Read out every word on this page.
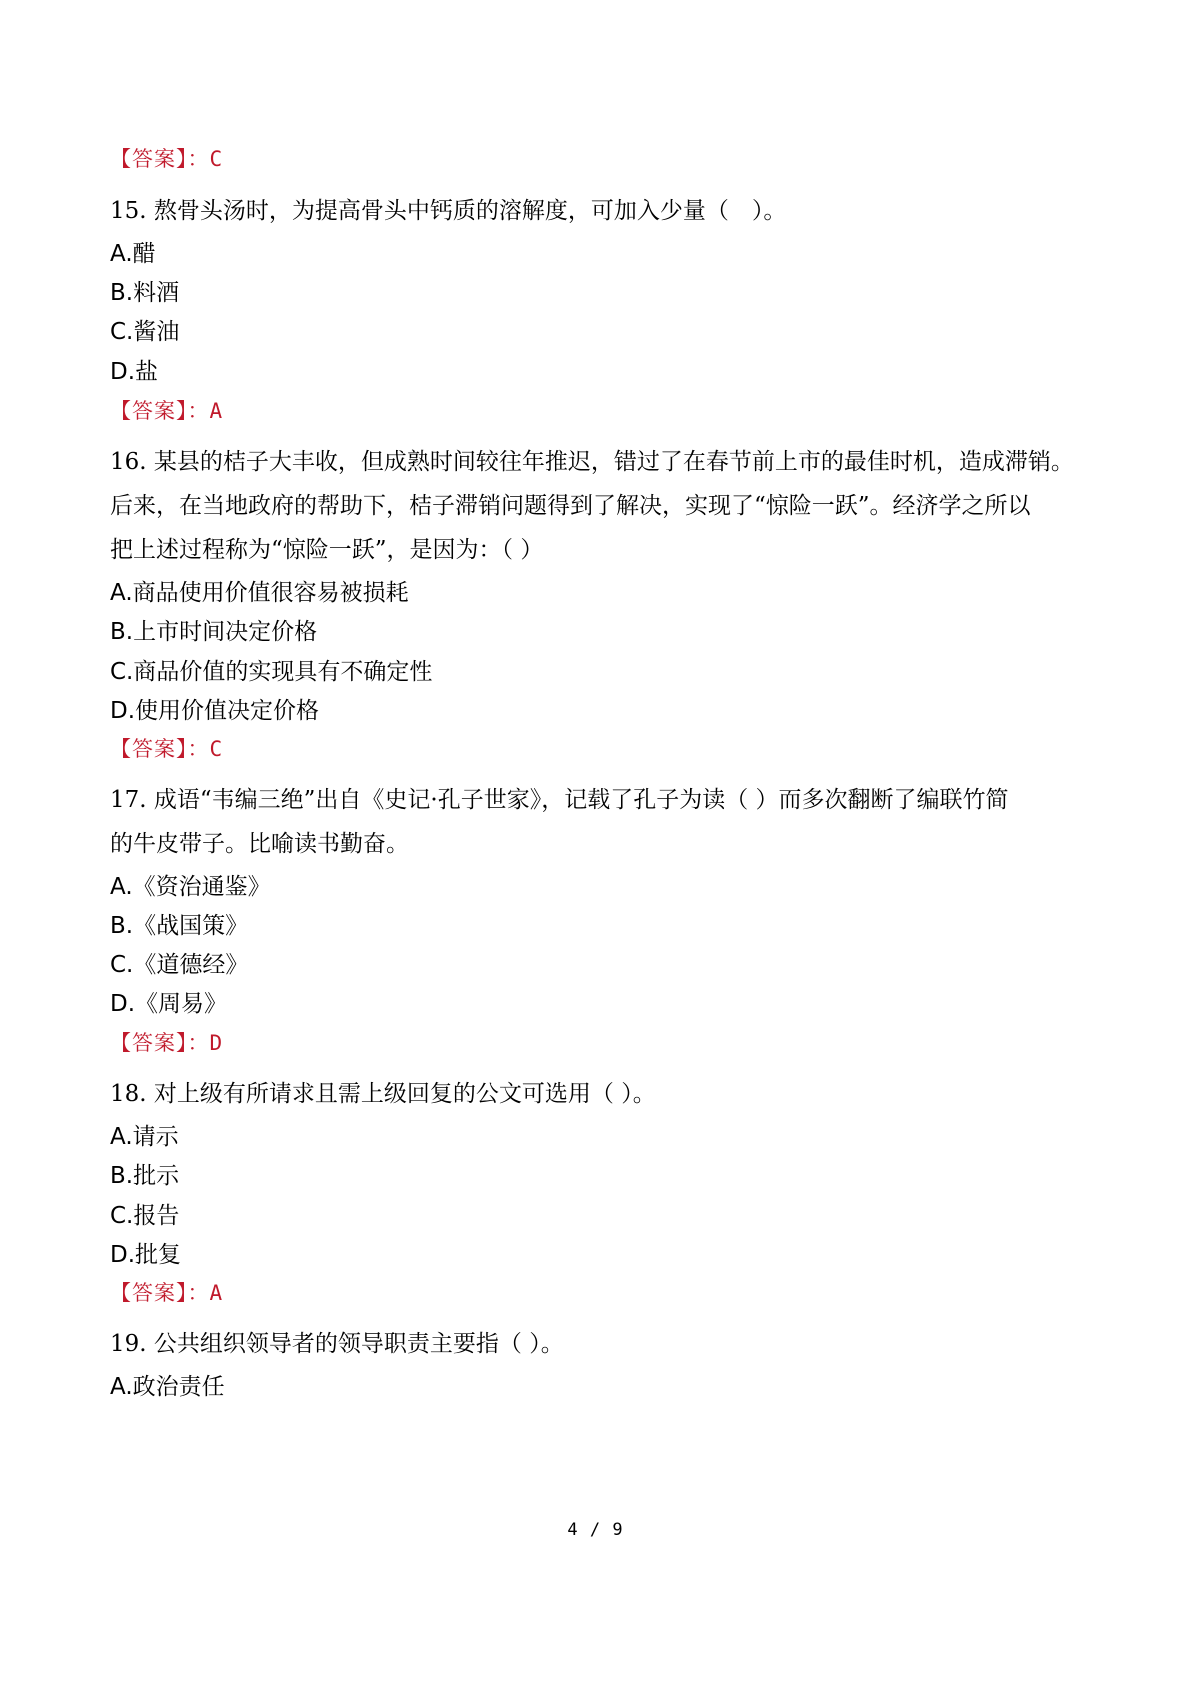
【答案】：C
15. 熬骨头汤时，为提高骨头中钙质的溶解度，可加入少量（　）。
A.醋
B.料酒
C.酱油
D.盐
【答案】：A
16. 某县的桔子大丰收，但成熟时间较往年推迟，错过了在春节前上市的最佳时机，造成滞销。
后来，在当地政府的帮助下，桔子滞销问题得到了解决，实现了“惊险一跃”。经济学之所以
把上述过程称为“惊险一跃”，是因为：（ ）
A.商品使用价值很容易被损耗
B.上市时间决定价格
C.商品价值的实现具有不确定性
D.使用价值决定价格
【答案】：C
17. 成语“韦编三绝”出自《史记·孔子世家》，记载了孔子为读（ ）而多次翻断了编联竹简
的牛皮带子。比喻读书勤奋。
A.《资治通鉴》
B.《战国策》
C.《道德经》
D.《周易》
【答案】：D
18. 对上级有所请求且需上级回复的公文可选用（ ）。
A.请示
B.批示
C.报告
D.批复
【答案】：A
19. 公共组织领导者的领导职责主要指（ ）。
A.政治责任
4 / 9
